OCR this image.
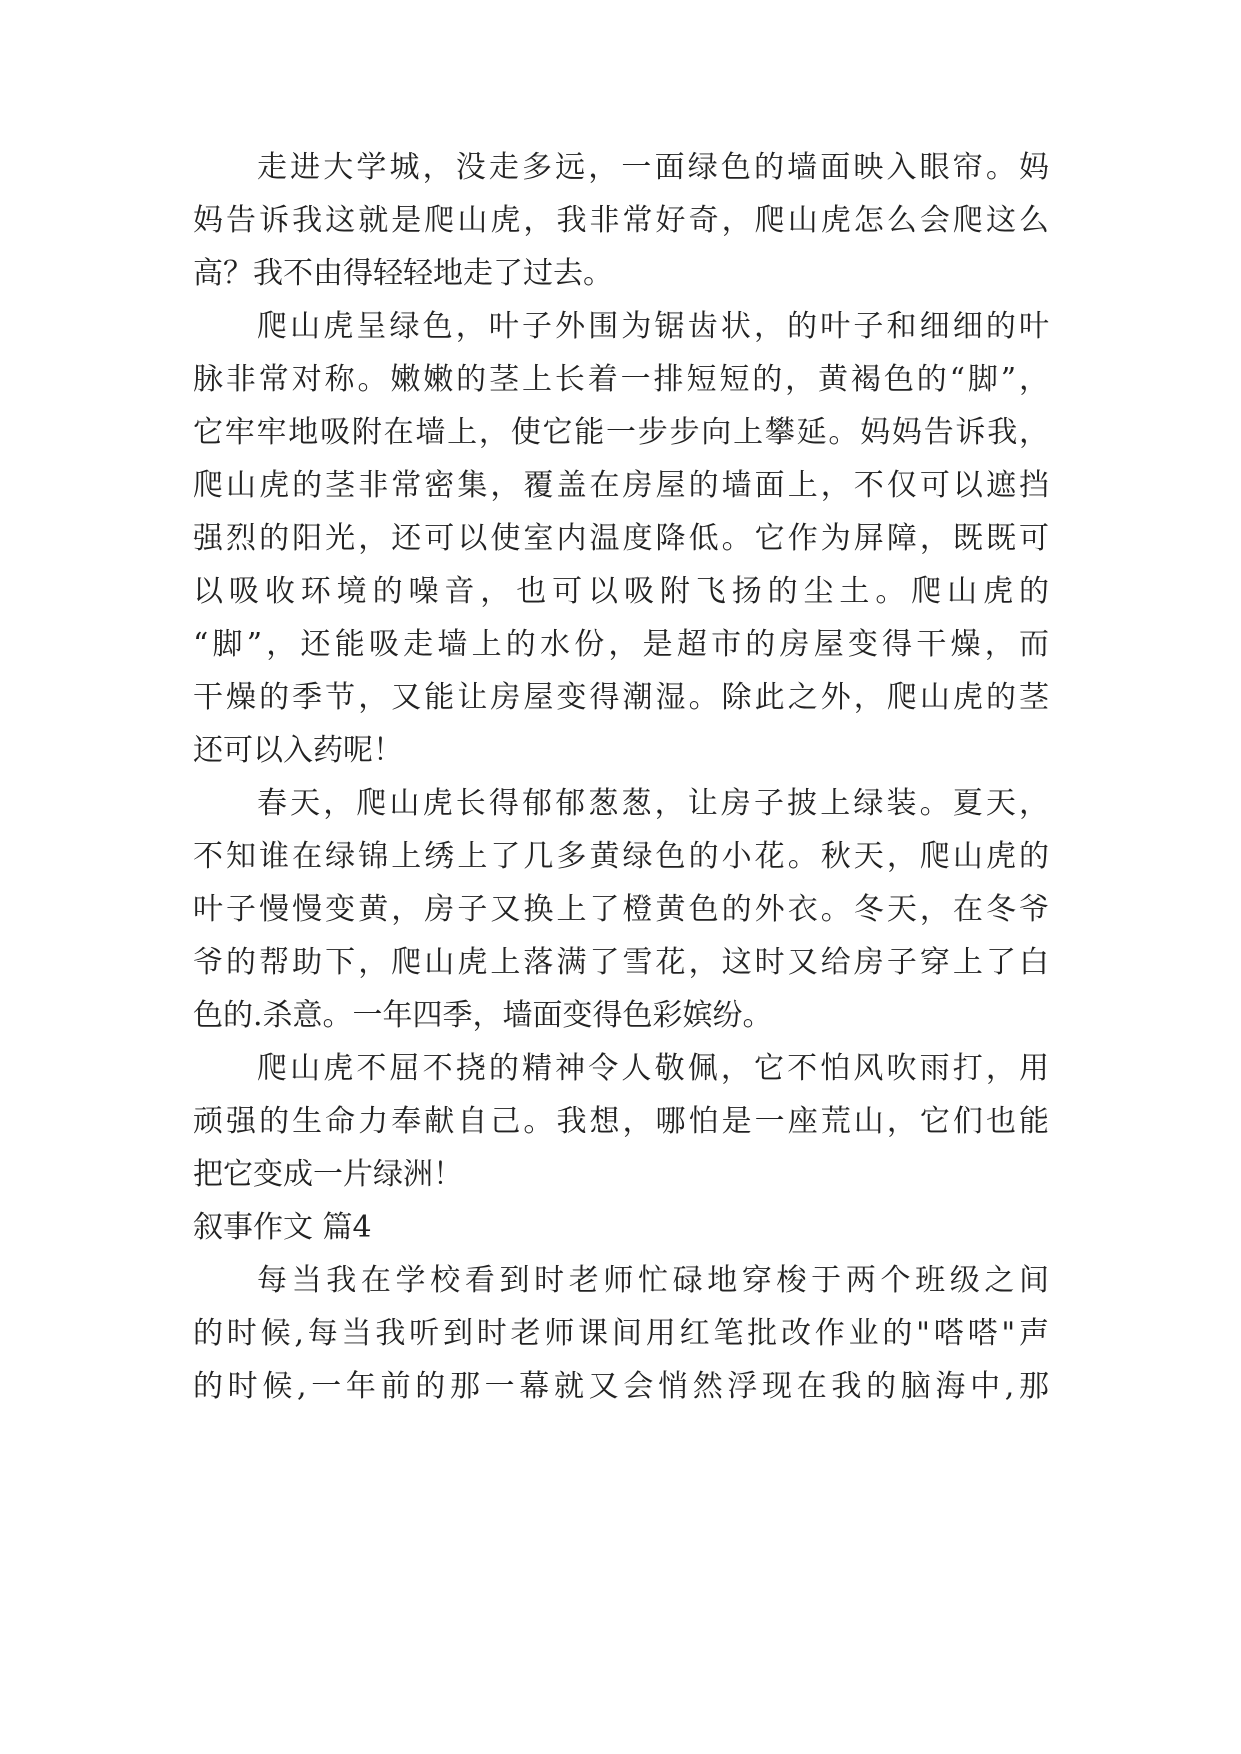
走进大学城，没走多远，一面绿色的墙面映入眼帘。妈

妈告诉我这就是爬山虎，我非常好奇，爬山虎怎么会爬这么

高？我不由得轻轻地走了过去。

爬山虎呈绿色，叶子外围为锯齿状，的叶子和细细的叶

脉非常对称。嫩嫩的茎上长着一排短短的，黄褐色的“脚”，

它牢牢地吸附在墙上，使它能一步步向上攀延。妈妈告诉我，

爬山虎的茎非常密集，覆盖在房屋的墙面上，不仅可以遮挡

强烈的阳光，还可以使室内温度降低。它作为屏障，既既可

以吸收环境的噪音，也可以吸附飞扬的尘土。爬山虎的

“脚”，还能吸走墙上的水份，是超市的房屋变得干燥，而

干燥的季节，又能让房屋变得潮湿。除此之外，爬山虎的茎

还可以入药呢！

春天，爬山虎长得郁郁葱葱，让房子披上绿装。夏天，

不知谁在绿锦上绣上了几多黄绿色的小花。秋天，爬山虎的

叶子慢慢变黄，房子又换上了橙黄色的外衣。冬天，在冬爷

爷的帮助下，爬山虎上落满了雪花，这时又给房子穿上了白

色的.杀意。一年四季，墙面变得色彩嫔纷。

爬山虎不屈不挠的精神令人敬佩，它不怕风吹雨打，用

顽强的生命力奉献自己。我想，哪怕是一座荒山，它们也能

把它变成一片绿洲！

叙事作文 篇4

每当我在学校看到时老师忙碌地穿梭于两个班级之间

的时候,每当我听到时老师课间用红笔批改作业的"嗒嗒"声

的时候,一年前的那一幕就又会悄然浮现在我的脑海中,那
